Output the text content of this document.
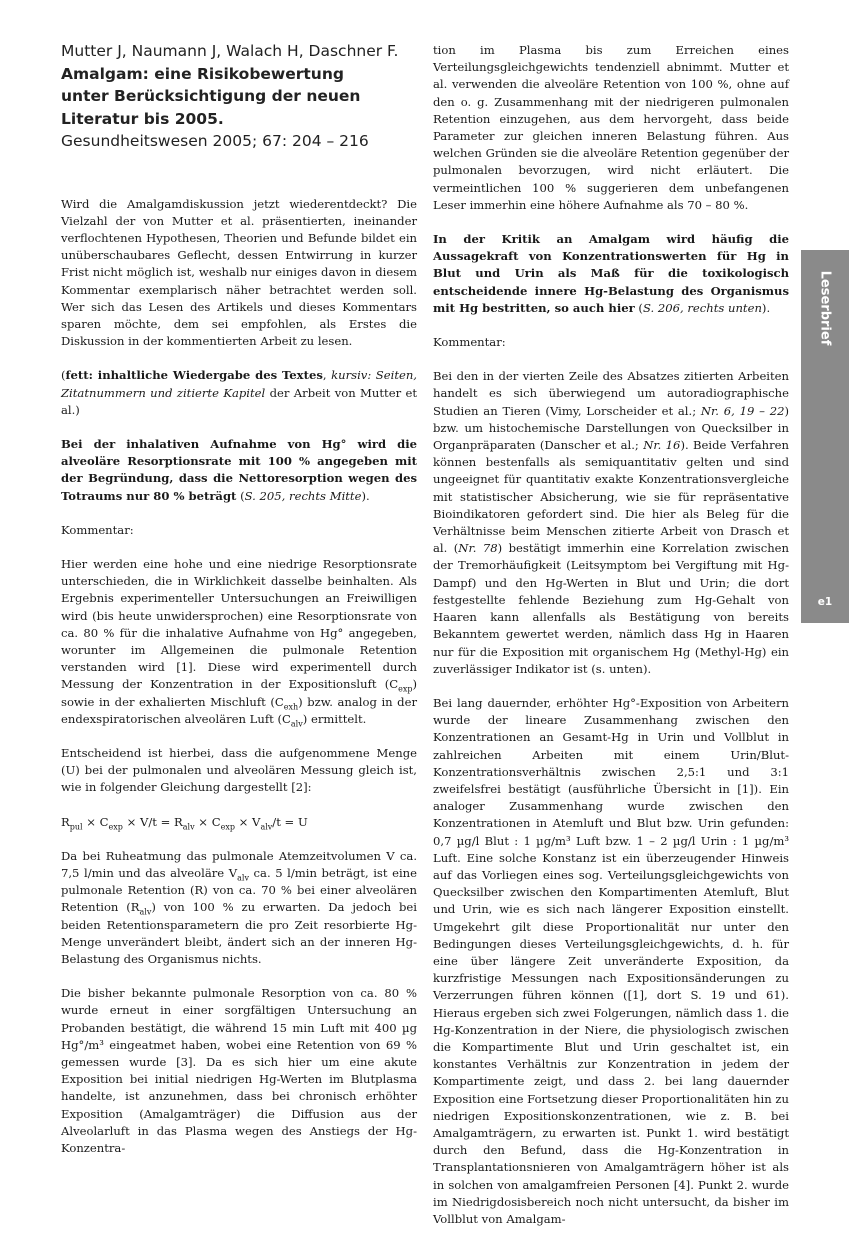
Mutter J, Naumann J, Walach H, Daschner F.
Amalgam: eine Risikobewertung
unter Berücksichtigung der neuen
Literatur bis 2005.
Gesundheitswesen 2005; 67: 204 – 216

Wird die Amalgamdiskussion jetzt wiederentdeckt? Die Vielzahl der von Mutter et al. präsentierten, ineinander verflochtenen Hypothesen, Theorien und Befunde bildet ein unüberschaubares Geflecht, dessen Entwirrung in kurzer Frist nicht möglich ist, weshalb nur einiges davon in diesem Kommentar exemplarisch näher betrachtet werden soll. Wer sich das Lesen des Artikels und dieses Kommentars sparen möchte, dem sei empfohlen, als Erstes die Diskussion in der kommentierten Arbeit zu lesen.

(fett: inhaltliche Wiedergabe des Textes, kursiv: Seiten, Zitatnummern und zitierte Kapitel der Arbeit von Mutter et al.)

Bei der inhalativen Aufnahme von Hg° wird die alveoläre Resorptionsrate mit 100 % angegeben mit der Begründung, dass die Nettoresorption wegen des Totraums nur 80 % beträgt (S. 205, rechts Mitte).

Kommentar:

Hier werden eine hohe und eine niedrige Resorptionsrate unterschieden, die in Wirklichkeit dasselbe beinhalten. Als Ergebnis experimenteller Untersuchungen an Freiwilligen wird (bis heute unwidersprochen) eine Resorptionsrate von ca. 80 % für die inhalative Aufnahme von Hg° angegeben, worunter im Allgemeinen die pulmonale Retention verstanden wird [1]. Diese wird experimentell durch Messung der Konzentration in der Expositionsluft $(C_{exp})$ sowie in der exhalierten Mischluft $(C_{exh})$ bzw. analog in der endexspiratorischen alveolären Luft $(C_{alv})$ ermittelt.

Entscheidend ist hierbei, dass die aufgenommene Menge (U) bei der pulmonalen und alveolären Messung gleich ist, wie in folgender Gleichung dargestellt [2]:

$R_{pul} \times C_{exp} \times V/t = R_{alv} \times C_{exp} \times V_{alv}/t = U$

Da bei Ruheatmung das pulmonale Atemzeitvolumen V ca. 7,5 l/min und das alveoläre $V_{alv}$ ca. 5 l/min beträgt, ist eine pulmonale Retention (R) von ca. 70 % bei einer alveolären Retention $(R_{alv})$ von 100 % zu erwarten. Da jedoch bei beiden Retentionsparametern die pro Zeit resorbierte Hg-Menge unverändert bleibt, ändert sich an der inneren Hg-Belastung des Organismus nichts.

Die bisher bekannte pulmonale Resorption von ca. 80 % wurde erneut in einer sorgfältigen Untersuchung an Probanden bestätigt, die während 15 min Luft mit 400 µg Hg°/m³ eingeatmet haben, wobei eine Retention von 69 % gemessen wurde [3]. Da es sich hier um eine akute Exposition bei initial niedrigen Hg-Werten im Blutplasma handelte, ist anzunehmen, dass bei chronisch erhöhter Exposition (Amalgamträger) die Diffusion aus der Alveolarluft in das Plasma wegen des Anstiegs der Hg-Konzentra-

tion im Plasma bis zum Erreichen eines Verteilungsgleichgewichts tendenziell abnimmt. Mutter et al. verwenden die alveoläre Retention von 100 %, ohne auf den o. g. Zusammenhang mit der niedrigeren pulmonalen Retention einzugehen, aus dem hervorgeht, dass beide Parameter zur gleichen inneren Belastung führen. Aus welchen Gründen sie die alveoläre Retention gegenüber der pulmonalen bevorzugen, wird nicht erläutert. Die vermeintlichen 100 % suggerieren dem unbefangenen Leser immerhin eine höhere Aufnahme als 70 – 80 %.

In der Kritik an Amalgam wird häufig die Aussagekraft von Konzentrationswerten für Hg in Blut und Urin als Maß für die toxikologisch entscheidende innere Hg-Belastung des Organismus mit Hg bestritten, so auch hier (S. 206, rechts unten).

Kommentar:

Bei den in der vierten Zeile des Absatzes zitierten Arbeiten handelt es sich überwiegend um autoradiographische Studien an Tieren (Vimy, Lorscheider et al.; Nr. 6, 19 – 22) bzw. um histochemische Darstellungen von Quecksilber in Organpräparaten (Danscher et al.; Nr. 16). Beide Verfahren können bestenfalls als semiquantitativ gelten und sind ungeeignet für quantitativ exakte Konzentrationsvergleiche mit statistischer Absicherung, wie sie für repräsentative Bioindikatoren gefordert sind. Die hier als Beleg für die Verhältnisse beim Menschen zitierte Arbeit von Drasch et al. (Nr. 78) bestätigt immerhin eine Korrelation zwischen der Tremorhäufigkeit (Leitsymptom bei Vergiftung mit Hg-Dampf) und den Hg-Werten in Blut und Urin; die dort festgestellte fehlende Beziehung zum Hg-Gehalt von Haaren kann allenfalls als Bestätigung von bereits Bekanntem gewertet werden, nämlich dass Hg in Haaren nur für die Exposition mit organischem Hg (Methyl-Hg) ein zuverlässiger Indikator ist (s. unten).

Bei lang dauernder, erhöhter Hg°-Exposition von Arbeitern wurde der lineare Zusammenhang zwischen den Konzentrationen an Gesamt-Hg in Urin und Vollblut in zahlreichen Arbeiten mit einem Urin/Blut-Konzentrationsverhältnis zwischen 2,5:1 und 3:1 zweifelsfrei bestätigt (ausführliche Übersicht in [1]). Ein analoger Zusammenhang wurde zwischen den Konzentrationen in Atemluft und Blut bzw. Urin gefunden: 0,7 µg/l Blut : 1 µg/m³ Luft bzw. 1 – 2 µg/l Urin : 1 µg/m³ Luft. Eine solche Konstanz ist ein überzeugender Hinweis auf das Vorliegen eines sog. Verteilungsgleichgewichts von Quecksilber zwischen den Kompartimenten Atemluft, Blut und Urin, wie es sich nach längerer Exposition einstellt. Umgekehrt gilt diese Proportionalität nur unter den Bedingungen dieses Verteilungsgleichgewichts, d. h. für eine über längere Zeit unveränderte Exposition, da kurzfristige Messungen nach Expositionsänderungen zu Verzerrungen führen können ([1], dort S. 19 und 61). Hieraus ergeben sich zwei Folgerungen, nämlich dass 1. die Hg-Konzentration in der Niere, die physiologisch zwischen die Kompartimente Blut und Urin geschaltet ist, ein konstantes Verhältnis zur Konzentration in jedem der Kompartimente zeigt, und dass 2. bei lang dauernder Exposition eine Fortsetzung dieser Proportionalitäten hin zu niedrigen Expositionskonzentrationen, wie z. B. bei Amalgamträgern, zu erwarten ist. Punkt 1. wird bestätigt durch den Befund, dass die Hg-Konzentration in Transplantationsnieren von Amalgamträgern höher ist als in solchen von amalgamfreien Personen [4]. Punkt 2. wurde im Niedrigdosisbereich noch nicht untersucht, da bisher im Vollblut von Amalgam-

Leserbrief
e1
